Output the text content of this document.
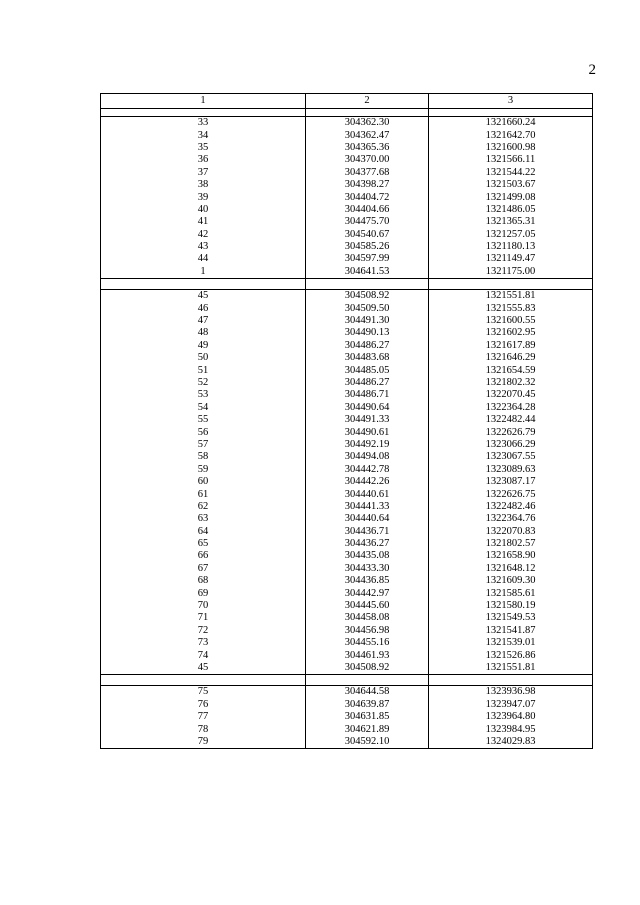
2
1	2	3

33	304362.30	1321660.24
34	304362.47	1321642.70
35	304365.36	1321600.98
36	304370.00	1321566.11
37	304377.68	1321544.22
38	304398.27	1321503.67
39	304404.72	1321499.08
40	304404.66	1321486.05
41	304475.70	1321365.31
42	304540.67	1321257.05
43	304585.26	1321180.13
44	304597.99	1321149.47
1	304641.53	1321175.00

45	304508.92	1321551.81
46	304509.50	1321555.83
47	304491.30	1321600.55
48	304490.13	1321602.95
49	304486.27	1321617.89
50	304483.68	1321646.29
51	304485.05	1321654.59
52	304486.27	1321802.32
53	304486.71	1322070.45
54	304490.64	1322364.28
55	304491.33	1322482.44
56	304490.61	1322626.79
57	304492.19	1323066.29
58	304494.08	1323067.55
59	304442.78	1323089.63
60	304442.26	1323087.17
61	304440.61	1322626.75
62	304441.33	1322482.46
63	304440.64	1322364.76
64	304436.71	1322070.83
65	304436.27	1321802.57
66	304435.08	1321658.90
67	304433.30	1321648.12
68	304436.85	1321609.30
69	304442.97	1321585.61
70	304445.60	1321580.19
71	304458.08	1321549.53
72	304456.98	1321541.87
73	304455.16	1321539.01
74	304461.93	1321526.86
45	304508.92	1321551.81

75	304644.58	1323936.98
76	304639.87	1323947.07
77	304631.85	1323964.80
78	304621.89	1323984.95
79	304592.10	1324029.83
